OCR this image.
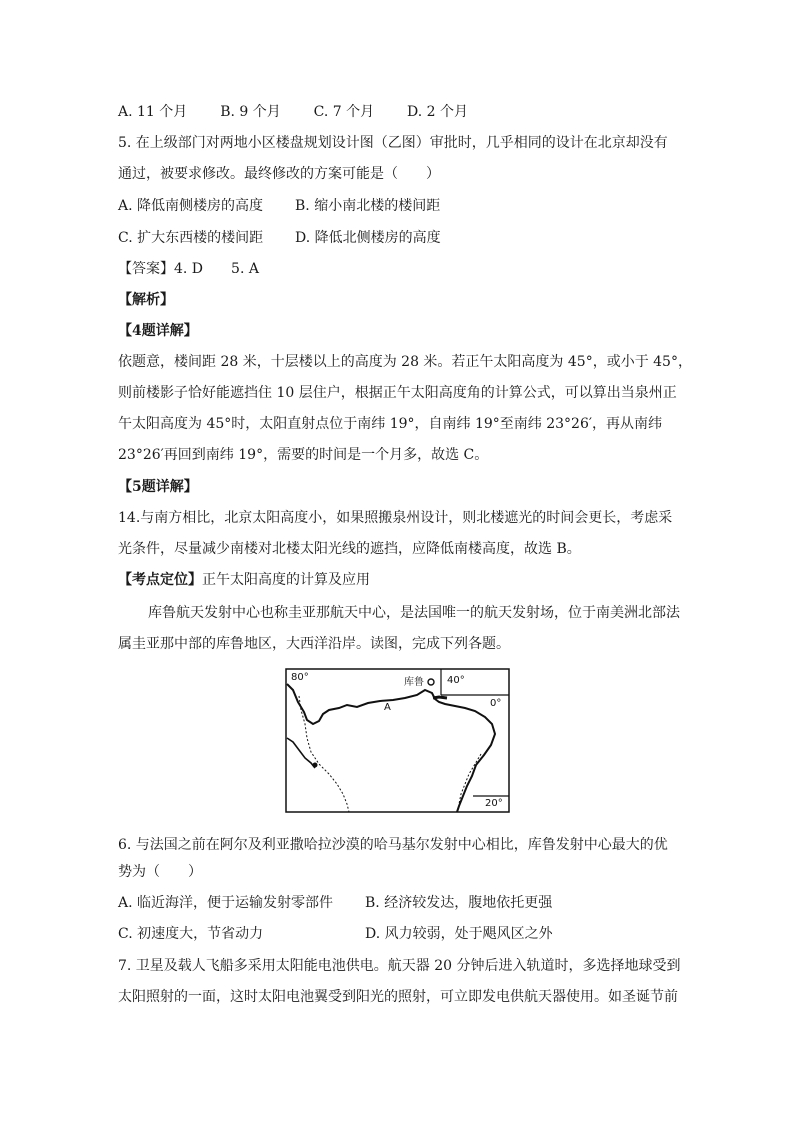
A. 11 个月 B. 9 个月 C. 7 个月 D. 2 个月
5. 在上级部门对两地小区楼盘规划设计图（乙图）审批时，几乎相同的设计在北京却没有
通过，被要求修改。最终修改的方案可能是（　　）
A. 降低南侧楼房的高度 B. 缩小南北楼的楼间距
C. 扩大东西楼的楼间距 D. 降低北侧楼房的高度
【答案】4. D　　5. A
【解析】
【4题详解】
依题意，楼间距 28 米，十层楼以上的高度为 28 米。若正午太阳高度为 45°，或小于 45°，
则前楼影子恰好能遮挡住 10 层住户，根据正午太阳高度角的计算公式，可以算出当泉州正
午太阳高度为 45°时，太阳直射点位于南纬 19°，自南纬 19°至南纬 23°26′，再从南纬
23°26′再回到南纬 19°，需要的时间是一个月多，故选 C。
【5题详解】
14.与南方相比，北京太阳高度小，如果照搬泉州设计，则北楼遮光的时间会更长，考虑采
光条件，尽量减少南楼对北楼太阳光线的遮挡，应降低南楼高度，故选 B。
【考点定位】正午太阳高度的计算及应用
库鲁航天发射中心也称圭亚那航天中心，是法国唯一的航天发射场，位于南美洲北部法
属圭亚那中部的库鲁地区，大西洋沿岸。读图，完成下列各题。
80°	库鲁 40°
0°
A
20°
6. 与法国之前在阿尔及利亚撒哈拉沙漠的哈马基尔发射中心相比，库鲁发射中心最大的优
势为（　　）
A. 临近海洋，便于运输发射零部件 B. 经济较发达，腹地依托更强
C. 初速度大，节省动力	D. 风力较弱，处于飓风区之外
7. 卫星及载人飞船多采用太阳能电池供电。航天器 20 分钟后进入轨道时，多选择地球受到
太阳照射的一面，这时太阳电池翼受到阳光的照射，可立即发电供航天器使用。如圣诞节前
